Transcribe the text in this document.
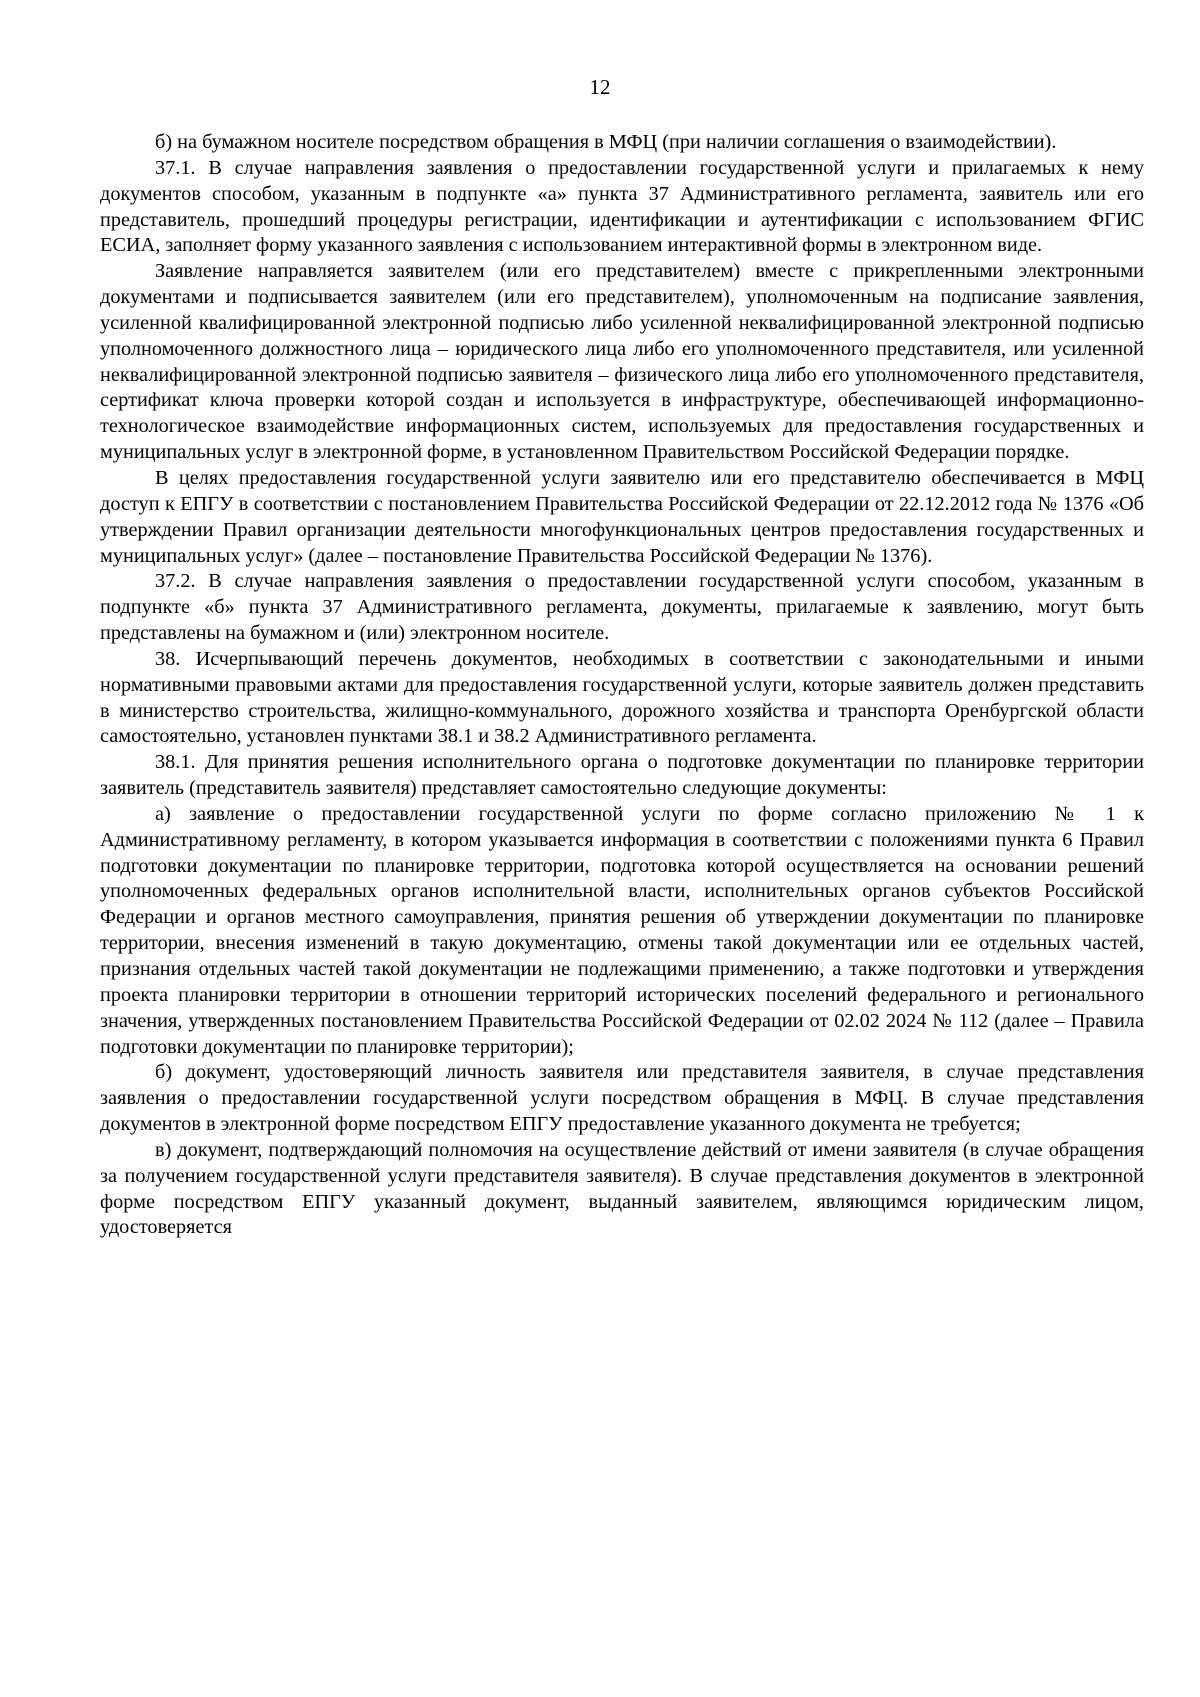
12

б) на бумажном носителе посредством обращения в МФЦ (при наличии соглашения о взаимодействии).

37.1. В случае направления заявления о предоставлении государственной услуги и прилагаемых к нему документов способом, указанным в подпункте «а» пункта 37 Административного регламента, заявитель или его представитель, прошедший процедуры регистрации, идентификации и аутентификации с использованием ФГИС ЕСИА, заполняет форму указанного заявления с использованием интерактивной формы в электронном виде.

Заявление направляется заявителем (или его представителем) вместе с прикрепленными электронными документами и подписывается заявителем (или его представителем), уполномоченным на подписание заявления, усиленной квалифицированной электронной подписью либо усиленной неквалифицированной электронной подписью уполномоченного должностного лица – юридического лица либо его уполномоченного представителя, или усиленной неквалифицированной электронной подписью заявителя – физического лица либо его уполномоченного представителя, сертификат ключа проверки которой создан и используется в инфраструктуре, обеспечивающей информационно-технологическое взаимодействие информационных систем, используемых для предоставления государственных и муниципальных услуг в электронной форме, в установленном Правительством Российской Федерации порядке.

В целях предоставления государственной услуги заявителю или его представителю обеспечивается в МФЦ доступ к ЕПГУ в соответствии с постановлением Правительства Российской Федерации от 22.12.2012 года № 1376 «Об утверждении Правил организации деятельности многофункциональных центров предоставления государственных и муниципальных услуг» (далее – постановление Правительства Российской Федерации № 1376).

37.2. В случае направления заявления о предоставлении государственной услуги способом, указанным в подпункте «б» пункта 37 Административного регламента, документы, прилагаемые к заявлению, могут быть представлены на бумажном и (или) электронном носителе.

38. Исчерпывающий перечень документов, необходимых в соответствии с законодательными и иными нормативными правовыми актами для предоставления государственной услуги, которые заявитель должен представить в министерство строительства, жилищно-коммунального, дорожного хозяйства и транспорта Оренбургской области самостоятельно, установлен пунктами 38.1 и 38.2 Административного регламента.

38.1. Для принятия решения исполнительного органа о подготовке документации по планировке территории заявитель (представитель заявителя) представляет самостоятельно следующие документы:

а) заявление о предоставлении государственной услуги по форме согласно приложению № 1 к Административному регламенту, в котором указывается информация в соответствии с положениями пункта 6 Правил подготовки документации по планировке территории, подготовка которой осуществляется на основании решений уполномоченных федеральных органов исполнительной власти, исполнительных органов субъектов Российской Федерации и органов местного самоуправления, принятия решения об утверждении документации по планировке территории, внесения изменений в такую документацию, отмены такой документации или ее отдельных частей, признания отдельных частей такой документации не подлежащими применению, а также подготовки и утверждения проекта планировки территории в отношении территорий исторических поселений федерального и регионального значения, утвержденных постановлением Правительства Российской Федерации от 02.02 2024 № 112 (далее – Правила подготовки документации по планировке территории);

б) документ, удостоверяющий личность заявителя или представителя заявителя, в случае представления заявления о предоставлении государственной услуги посредством обращения в МФЦ. В случае представления документов в электронной форме посредством ЕПГУ предоставление указанного документа не требуется;

в) документ, подтверждающий полномочия на осуществление действий от имени заявителя (в случае обращения за получением государственной услуги представителя заявителя). В случае представления документов в электронной форме посредством ЕПГУ указанный документ, выданный заявителем, являющимся юридическим лицом, удостоверяется
